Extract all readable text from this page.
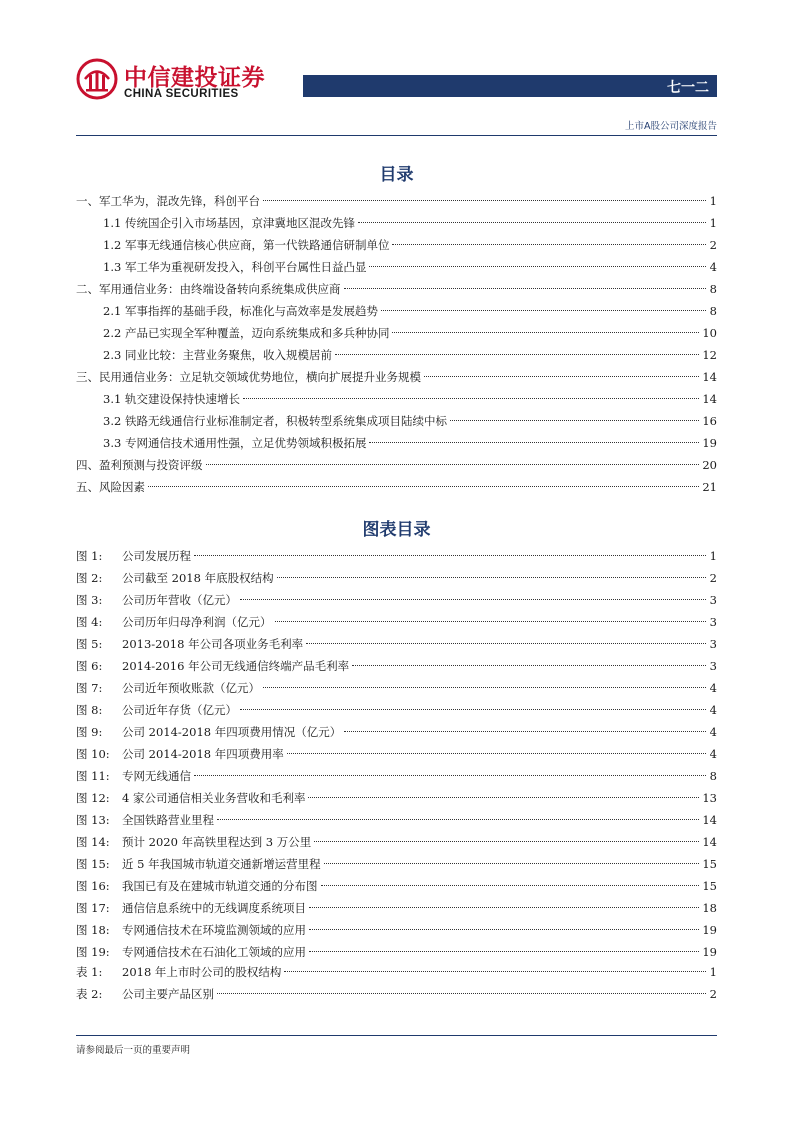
中信建投证券
CHINA SECURITIES	七一二
上市A股公司深度报告
目录
一、军工华为，混改先锋，科创平台	1
1.1 传统国企引入市场基因，京津冀地区混改先锋	1
1.2 军事无线通信核心供应商，第一代铁路通信研制单位	2
1.3 军工华为重视研发投入，科创平台属性日益凸显	4
二、军用通信业务：由终端设备转向系统集成供应商	8
2.1 军事指挥的基础手段，标准化与高效率是发展趋势	8
2.2 产品已实现全军种覆盖，迈向系统集成和多兵种协同	10
2.3 同业比较：主营业务聚焦，收入规模居前	12
三、民用通信业务：立足轨交领域优势地位，横向扩展提升业务规模	14
3.1 轨交建设保持快速增长	14
3.2 铁路无线通信行业标准制定者，积极转型系统集成项目陆续中标	16
3.3 专网通信技术通用性强，立足优势领域积极拓展	19
四、盈利预测与投资评级	20
五、风险因素	21
图表目录
图 1: 公司发展历程	1
图 2: 公司截至 2018 年底股权结构	2
图 3: 公司历年营收（亿元）	3
图 4: 公司历年归母净利润（亿元）	3
图 5: 2013-2018 年公司各项业务毛利率	3
图 6: 2014-2016 年公司无线通信终端产品毛利率	3
图 7: 公司近年预收账款（亿元）	4
图 8: 公司近年存货（亿元）	4
图 9: 公司 2014-2018 年四项费用情况（亿元）	4
图 10: 公司 2014-2018 年四项费用率	4
图 11: 专网无线通信	8
图 12: 4 家公司通信相关业务营收和毛利率	13
图 13: 全国铁路营业里程	14
图 14: 预计 2020 年高铁里程达到 3 万公里	14
图 15: 近 5 年我国城市轨道交通新增运营里程	15
图 16: 我国已有及在建城市轨道交通的分布图	15
图 17: 通信信息系统中的无线调度系统项目	18
图 18: 专网通信技术在环境监测领域的应用	19
图 19: 专网通信技术在石油化工领域的应用	19
表 1: 2018 年上市时公司的股权结构	1
表 2: 公司主要产品区别	2
请参阅最后一页的重要声明
